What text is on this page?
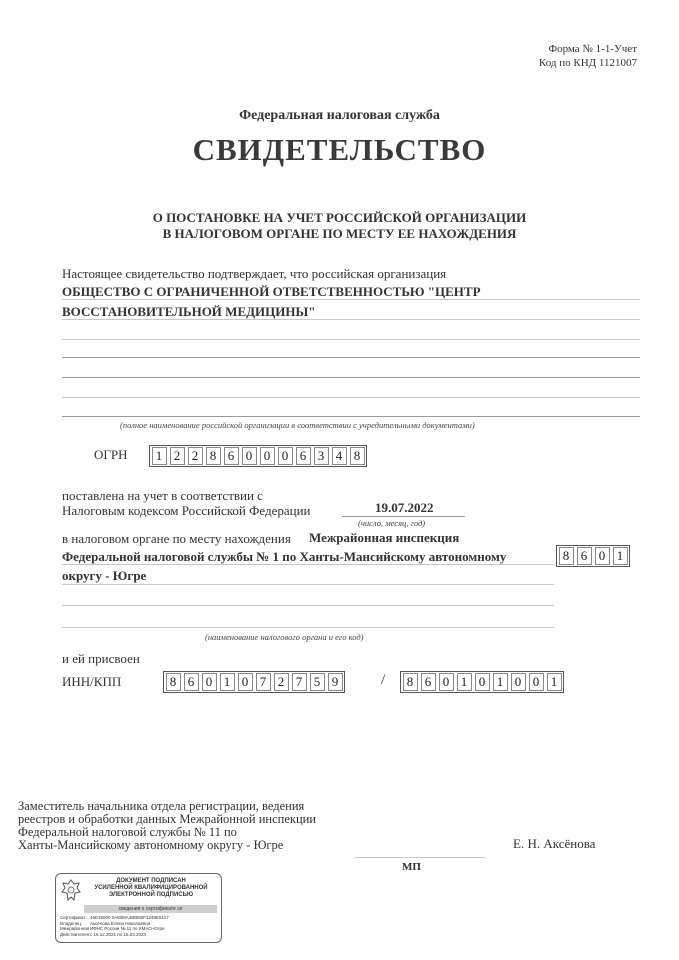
Форма № 1-1-Учет
Код по КНД 1121007
Федеральная налоговая служба
СВИДЕТЕЛЬСТВО
О ПОСТАНОВКЕ НА УЧЕТ РОССИЙСКОЙ ОРГАНИЗАЦИИ
В НАЛОГОВОМ ОРГАНЕ ПО МЕСТУ ЕЕ НАХОЖДЕНИЯ
Настоящее свидетельство подтверждает, что российская организация
ОБЩЕСТВО С ОГРАНИЧЕННОЙ ОТВЕТСТВЕННОСТЬЮ "ЦЕНТР
ВОССТАНОВИТЕЛЬНОЙ МЕДИЦИНЫ"
(полное наименование российской организации в соответствии с учредительными документами)
ОГРН	1 2 2 8 6 0 0 0 6 3 4 8
поставлена на учет в соответствии с
Налоговым кодексом Российской Федерации	19.07.2022
(число, месяц, год)
в налоговом органе по месту нахождения Межрайонная инспекция
Федеральной налоговой службы № 1 по Ханты-Мансийскому автономному
округу - Югре
8 6 0 1
(наименование налогового органа и его код)
и ей присвоен
ИНН/КПП	8 6 0 1 0 7 2 7 5 9	/	8 6 0 1 0 1 0 0 1
Заместитель начальника отдела регистрации, ведения
реестров и обработки данных Межрайонной инспекции
Федеральной налоговой службы № 11 по
Ханты-Мансийскому автономному округу - Югре	Е. Н. Аксёнова
МП
ДОКУМЕНТ ПОДПИСАН
УСИЛЕННОЙ КВАЛИФИЦИРОВАННОЙ
ЭЛЕКТРОННОЙ ПОДПИСЬЮ
сведения о сертификате эп
Сертификат: 46E35000 0AEB8A4BBEBF3248E5117
Владелец: Аксёнова Елена Николаевна
МежрайоннаяИФНС России № 11 по ХМАО-Югре
Действителен:с 16.12.2021 по 16.03.2023
